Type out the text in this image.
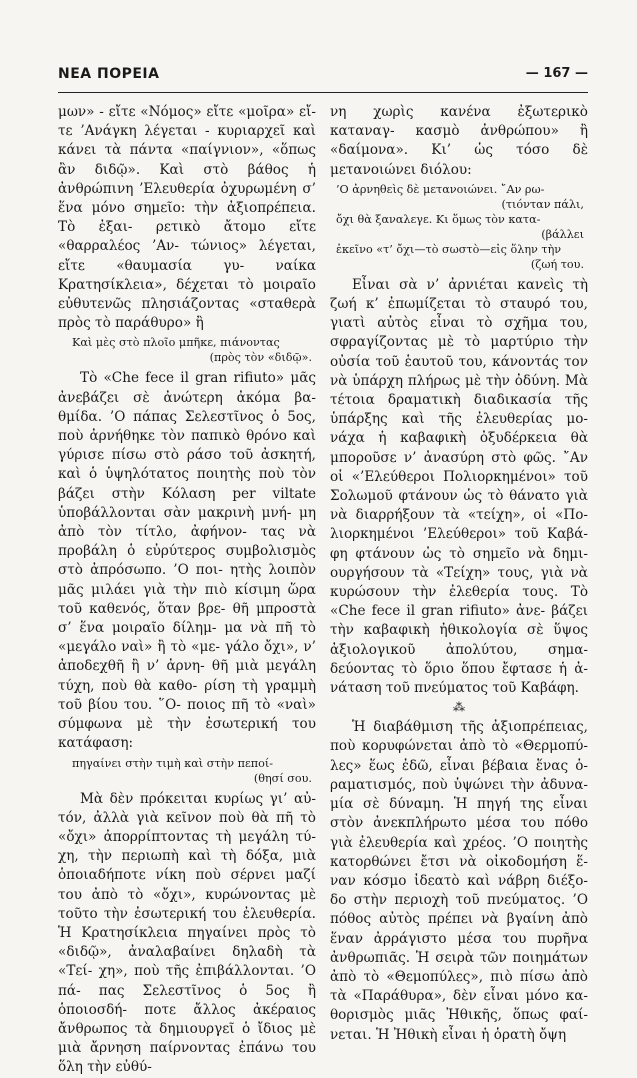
ΝΕΑ ΠΟΡΕΙΑ	— 167 —

μων» - εἴτε «Νόμος» εἴτε «μοῖρα» εἴ- τε ’Ανάγκη λέγεται - κυριαρχεῖ καὶ κάνει τὰ πάντα «παίγνιον», «ὅπως ἂν διδῷ». Καὶ στὸ βάθος ἡ ἀνθρώπινη ’Ελευθερία ὀχυρωμένη σ’ ἕνα μόνο σημεῖο: τὴν ἀξιοπρέπεια. Τὸ ἐξαι- ρετικὸ ἄτομο εἴτε «θαρραλέος ’Αν- τώνιος» λέγεται, εἴτε «θαυμασία γυ- ναίκα Κρατησίκλεια», δέχεται τὸ μοιραῖο εὐθυτενῶς πλησιάζοντας «σταθερὰ πρὸς τὸ παράθυρο» ἢ

Καὶ μὲς στὸ πλοῖο μπῆκε, πιάνοντας
(πρὸς τὸν «διδῷ».

Τὸ «Che fece il gran rifiuto» μᾶς ἀνεβάζει σὲ ἀνώτερη ἀκόμα βα- θμίδα. ’Ο πάπας Σελεστῖνος ὁ 5ος, ποὺ ἀρνήθηκε τὸν παπικὸ θρόνο καὶ γύρισε πίσω στὸ ράσο τοῦ ἀσκητή, καὶ ὁ ὑψηλότατος ποιητὴς ποὺ τὸν βάζει στὴν Κόλαση per viltate ὑποβάλλονται σὰν μακρινὴ μνή- μη ἀπὸ τὸν τίτλο, ἀφήνον- τας νὰ προβάλη ὁ εὐρύτερος συμβολισμὸς στὸ ἀπρόσωπο. ’Ο ποι- ητὴς λοιπὸν μᾶς μιλάει γιὰ τὴν πιὸ κίσιμη ὥρα τοῦ καθενός, ὅταν βρε- θῆ μπροστὰ σ’ ἕνα μοιραῖο δίλημ- μα νὰ πῆ τὸ «μεγάλο ναὶ» ἢ τὸ «με- γάλο ὄχι», ν’ ἀποδεχθῆ ἢ ν’ ἀρνη- θῆ μιὰ μεγάλη τύχη, ποὺ θὰ καθο- ρίση τὴ γραμμὴ τοῦ βίου του. ῞Ο- ποιος πῆ τὸ «ναὶ» σύμφωνα μὲ τὴν ἐσωτερική του κατάφαση:

πηγαίνει στὴν τιμὴ καὶ στὴν πεποί-
(θησί σου.

Μὰ δὲν πρόκειται κυρίως γι’ αὐ- τόν, ἀλλὰ γιὰ κεῖνον ποὺ θὰ πῆ τὸ «ὄχι» ἀπορρίπτοντας τὴ μεγάλη τύ- χη, τὴν περιωπὴ καὶ τὴ δόξα, μιὰ ὁποιαδήποτε νίκη ποὺ σέρνει μαζί του ἀπὸ τὸ «ὄχι», κυρώνοντας μὲ τοῦτο τὴν ἐσωτερική του ἐλευθερία. Ἡ Κρατησίκλεια πηγαίνει πρὸς τὸ «διδῷ», ἀναλαβαίνει δηλαδὴ τὰ «Τεί- χη», ποὺ τῆς ἐπιβάλλονται. ’Ο πά- πας Σελεστῖνος ὁ 5ος ἢ ὁποιοσδή- ποτε ἄλλος ἀκέραιος ἄνθρωπος τὰ δημιουργεῖ ὁ ἴδιος μὲ μιὰ ἄρνηση παίρνοντας ἐπάνω του ὅλη τὴν εὐθύ-

νη χωρὶς κανένα ἐξωτερικὸ καταναγ- κασμὸ ἀνθρώπου» ἢ «δαίμονα». Κι’ ὡς τόσο δὲ μετανοιώνει διόλου:

’Ο ἀρνηθεὶς δὲ μετανοιώνει. ῎Αν ρω-
(τιόνταν πάλι,
ὄχι θὰ ξαναλεγε. Κι ὅμως τὸν κατα-
(βάλλει
ἐκεῖνο «τ’ ὄχι—τὸ σωστὸ—εἰς ὅλην τὴν
(ζωή του.

Εἶναι σὰ ν’ ἀρνιέται κανεὶς τὴ ζωή κ’ ἐπωμίζεται τὸ σταυρό του, γιατὶ αὐτὸς εἶναι τὸ σχῆμα του, σφραγίζοντας μὲ τὸ μαρτύριο τὴν οὐσία τοῦ ἑαυτοῦ του, κάνοντάς τον νὰ ὑπάρχη πλήρως μὲ τὴν ὀδύνη. Μὰ τέτοια δραματικὴ διαδικασία τῆς ὑπάρξης καὶ τῆς ἐλευθερίας μο- νάχα ἡ καβαφικὴ ὀξυδέρκεια θὰ μποροῦσε ν’ ἀνασύρη στὸ φῶς. ῎Αν οἱ «’Ελεύθεροι Πολιορκημένοι» τοῦ Σολωμοῦ φτάνουν ὡς τὸ θάνατο γιὰ νὰ διαρρήξουν τὰ «τείχη», οἱ «Πο- λιορκημένοι ’Ελεύθεροι» τοῦ Καβά- φη φτάνουν ὡς τὸ σημεῖο νὰ δημι- ουργήσουν τὰ «Τείχη» τους, γιὰ νὰ κυρώσουν τὴν ἐλεθερία τους. Τὸ «Che fece il gran rifiuto» ἀνε- βάζει τὴν καβαφικὴ ἠθικολογία σὲ ὕψος ἀξιολογικοῦ ἀπολύτου, σημα- δεύοντας τὸ ὅριο ὅπου ἔφτασε ἡ ἀ- νάταση τοῦ πνεύματος τοῦ Καβάφη.

⁂

Ἡ διαβάθμιση τῆς ἀξιοπρέπειας, ποὺ κορυφώνεται ἀπὸ τὸ «Θερμοπύ- λες» ἕως ἐδῶ, εἶναι βέβαια ἕνας ὁ- ραματισμός, ποὺ ὑψώνει τὴν ἀδυνα- μία σὲ δύναμη. Ἡ πηγή της εἶναι στὸν ἀνεκπλήρωτο μέσα του πόθο γιὰ ἐλευθερία καὶ χρέος. ’Ο ποιητὴς κατορθώνει ἔτσι νὰ οἰκοδομήση ἕ- ναν κόσμο ἰδεατὸ καὶ νάβρη διέξο- δο στὴν περιοχὴ τοῦ πνεύματος. ’Ο πόθος αὐτὸς πρέπει νὰ βγαίνη ἀπὸ ἕναν ἀρράγιστο μέσα του πυρῆνα ἀνθρωπιᾶς. Ἡ σειρὰ τῶν ποιημάτων ἀπὸ τὸ «Θεμοπύλες», πιὸ πίσω ἀπὸ τὰ «Παράθυρα», δὲν εἶναι μόνο κα- θορισμὸς μιᾶς Ἠθικῆς, ὅπως φαί- νεται. Ἡ Ἠθικὴ εἶναι ἡ ὁρατὴ ὄψη
